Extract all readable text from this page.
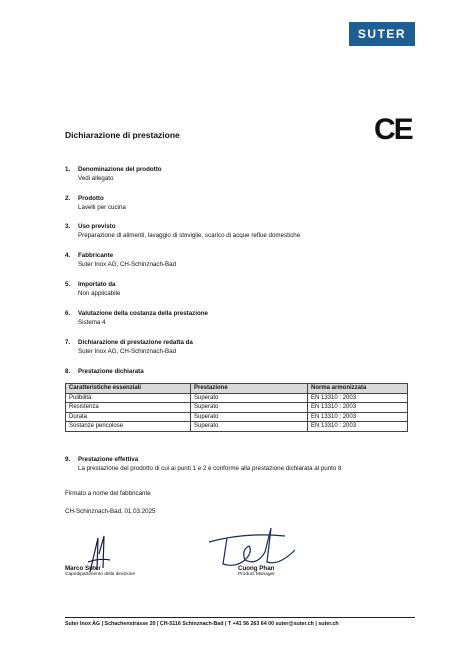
SUTER
CE
Dichiarazione di prestazione
1. Denominazione del prodotto
Vedi allegato
2. Prodotto
Lavelli per cucina
3. Uso previsto
Preparazione di alimenti, lavaggio di stoviglie, scarico di acque reflue domestiche
4. Fabbricante
Suter Inox AG, CH-Schinznach-Bad
5. Importato da
Non applicabile
6. Valutazione della costanza della prestazione
Sistema 4
7. Dichiarazione di prestazione redatta da
Suter Inox AG, CH-Schinznach-Bad
8. Prestazione dichiarata
Caratteristiche essenziali	Prestazione	Norma armonizzata
Pulibilità	Superato	EN 13310 : 2003
Resistenza	Superato	EN 13310 : 2003
Durata	Superato	EN 13310 : 2003
Sostanze pericolose	Superato	EN 13310 : 2003
9. Prestazione effettiva
La prestazione del prodotto di cui ai punti 1 e 2 è conforme alla prestazione dichiarata al punto 8
Firmato a nome del fabbricante
CH-Schinznach-Bad, 01.03.2025
Marco Suter
Capodipartimento della direzione
Cuong Phan
Product Manager
Suter Inox AG | Schachenstrasse 20 | CH-5116 Schinznach-Bad | T +41 56 263 64 00 suter@suter.ch | suter.ch
